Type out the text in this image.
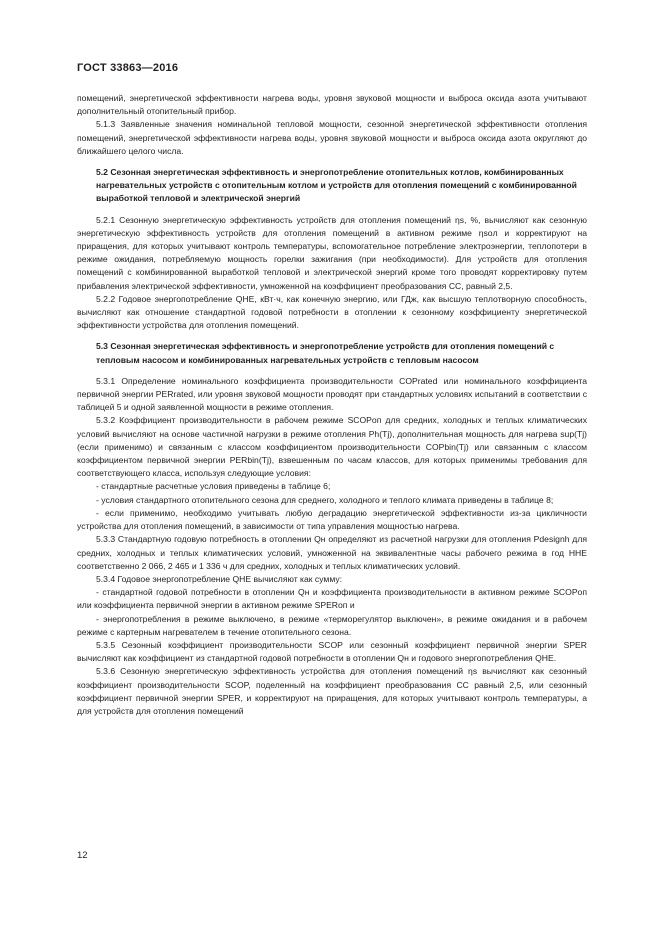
ГОСТ 33863—2016

помещений, энергетической эффективности нагрева воды, уровня звуковой мощности и выброса оксида азота учитывают дополнительный отопительный прибор.

5.1.3 Заявленные значения номинальной тепловой мощности, сезонной энергетической эффективности отопления помещений, энергетической эффективности нагрева воды, уровня звуковой мощности и выброса оксида азота округляют до ближайшего целого числа.

5.2 Сезонная энергетическая эффективность и энергопотребление отопительных котлов, комбинированных нагревательных устройств с отопительным котлом и устройств для отопления помещений с комбинированной выработкой тепловой и электрической энергий

5.2.1 Сезонную энергетическую эффективность устройств для отопления помещений ηs, %, вычисляют как сезонную энергетическую эффективность устройств для отопления помещений в активном режиме ηsoл и корректируют на приращения, для которых учитывают контроль температуры, вспомогательное потребление электроэнергии, теплопотери в режиме ожидания, потребляемую мощность горелки зажигания (при необходимости). Для устройств для отопления помещений с комбинированной выработкой тепловой и электрической энергий кроме того проводят корректировку путем прибавления электрической эффективности, умноженной на коэффициент преобразования СС, равный 2,5.

5.2.2 Годовое энергопотребление QHE, кВт·ч, как конечную энергию, или ГДж, как высшую теплотворную способность, вычисляют как отношение стандартной годовой потребности в отоплении к сезонному коэффициенту энергетической эффективности устройства для отопления помещений.

5.3 Сезонная энергетическая эффективность и энергопотребление устройств для отопления помещений с тепловым насосом и комбинированных нагревательных устройств с тепловым насосом

5.3.1 Определение номинального коэффициента производительности COPrated или номинального коэффициента первичной энергии PERrated, или уровня звуковой мощности проводят при стандартных условиях испытаний в соответствии с таблицей 5 и одной заявленной мощности в режиме отопления.

5.3.2 Коэффициент производительности в рабочем режиме SCOPоп для средних, холодных и теплых климатических условий вычисляют на основе частичной нагрузки в режиме отопления Ph(Tj), дополнительная мощность для нагрева sup(Tj) (если применимо) и связанным с классом коэффициентом производительности COPbin(Tj) или связанным с классом коэффициентом первичной энергии PERbin(Tj), взвешенным по часам классов, для которых применимы требования для соответствующего класса, используя следующие условия:

- стандартные расчетные условия приведены в таблице 6;

- условия стандартного отопительного сезона для среднего, холодного и теплого климата приведены в таблице 8;

- если применимо, необходимо учитывать любую деградацию энергетической эффективности из-за цикличности устройства для отопления помещений, в зависимости от типа управления мощностью нагрева.

5.3.3 Стандартную годовую потребность в отоплении Qн определяют из расчетной нагрузки для отопления Pdesignh для средних, холодных и теплых климатических условий, умноженной на эквивалентные часы рабочего режима в год HHE соответственно 2 066, 2 465 и 1 336 ч для средних, холодных и теплых климатических условий.

5.3.4 Годовое энергопотребление QHE вычисляют как сумму:

- стандартной годовой потребности в отоплении Qн и коэффициента производительности в активном режиме SCOPоп или коэффициента первичной энергии в активном режиме SPERоп и

- энергопотребления в режиме выключено, в режиме «терморегулятор выключен», в режиме ожидания и в рабочем режиме с картерным нагревателем в течение отопительного сезона.

5.3.5 Сезонный коэффициент производительности SCOP или сезонный коэффициент первичной энергии SPER вычисляют как коэффициент из стандартной годовой потребности в отоплении Qн и годового энергопотребления QHE.

5.3.6 Сезонную энергетическую эффективность устройства для отопления помещений ηs вычисляют как сезонный коэффициент производительности SCOP, поделенный на коэффициент преобразования СС равный 2,5, или сезонный коэффициент первичной энергии SPER, и корректируют на приращения, для которых учитывают контроль температуры, а для устройств для отопления помещений

12
